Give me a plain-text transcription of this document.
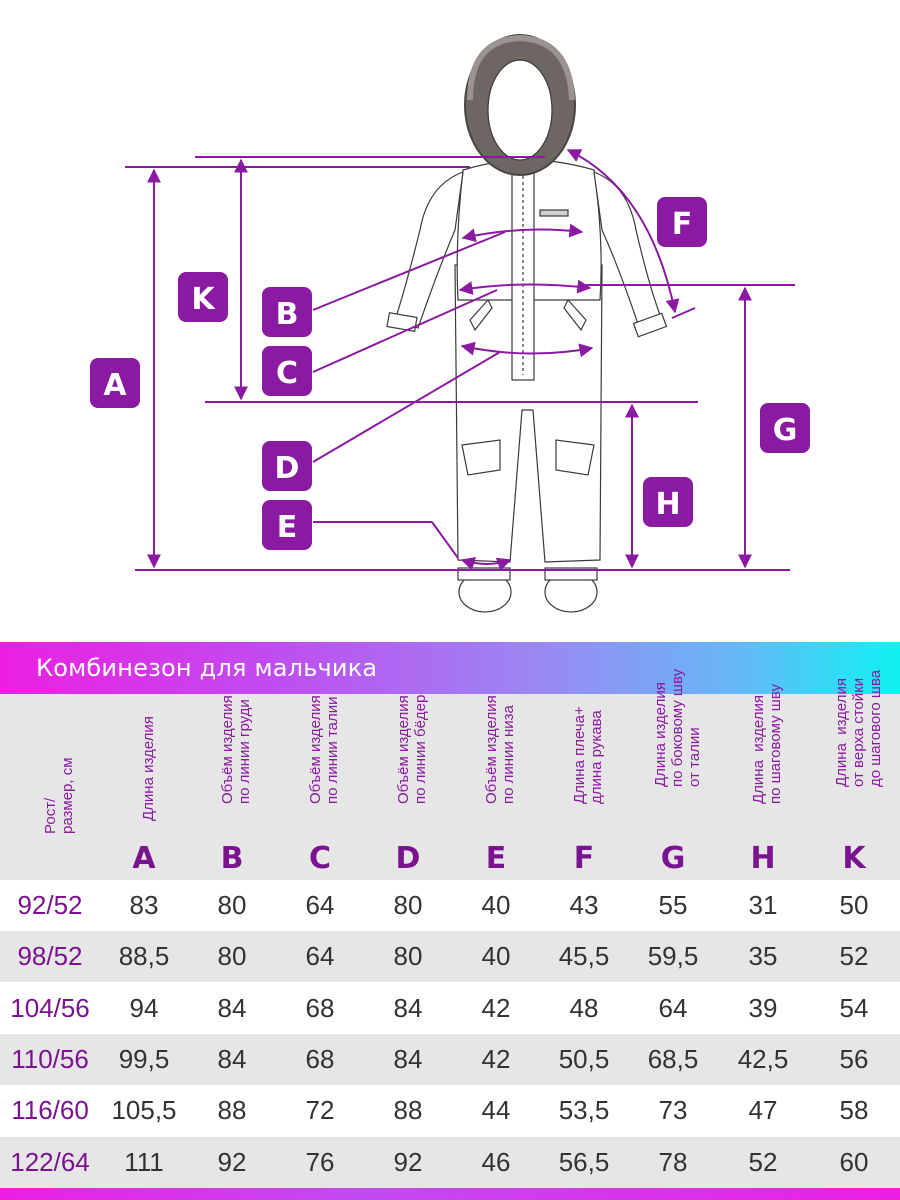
A
K B
C
D
E
F
G
H
Комбинезон для мальчика
Рост/
размер, см	Длина изделия
A
Объём изделия
по линии груди
B
Объём изделия
по линии талии
C
Объём изделия
по линии бёдер
D
Объём изделия
по линии низа
E
Длина плеча+
длина рукава
F
Длина изделия
по боковому шву
от талии
G
Длина  изделия
по шаговому шву
H
Длина  изделия
от верха стойки
до шагового шва
K
92/52	83	80	64	80	40	43	55	31	50
98/52	88,5	80	64	80	40	45,5	59,5	35	52
104/56	94	84	68	84	42	48	64	39	54
110/56	99,5	84	68	84	42	50,5	68,5	42,5	56
116/60 105,5	88	72	88	44	53,5	73	47	58
122/64	111	92	76	92	46	56,5	78	52	60
